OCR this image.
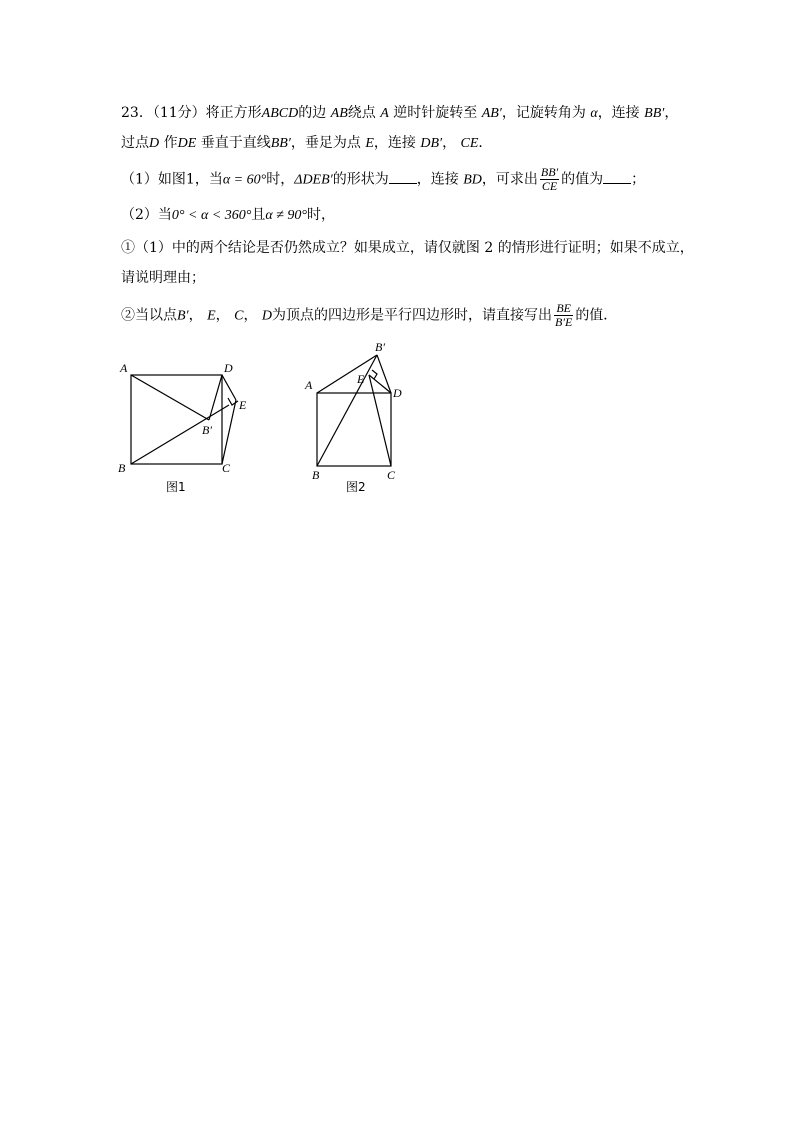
23．（11分）将正方形ABCD的边 AB绕点 A 逆时针旋转至 AB′，记旋转角为 α，连接 BB′，
过点D 作DE 垂直于直线BB′，垂足为点 E，连接 DB′， CE．
（1）如图1，当α = 60°时，ΔDEB′的形状为 ，连接 BD，可求出 $\frac{BB'}{CE}$ 的值为 ；
（2）当0° < α < 360°且α ≠ 90°时，
①（1）中的两个结论是否仍然成立？如果成立，请仅就图 2 的情形进行证明；如果不成立，
请说明理由；
②当以点B′， E， C， D为顶点的四边形是平行四边形时，请直接写出 $\frac{BE}{B'E}$ 的值．
A	D
E
B′
B	C
图1
B′
A	E
D
B	C
图2
